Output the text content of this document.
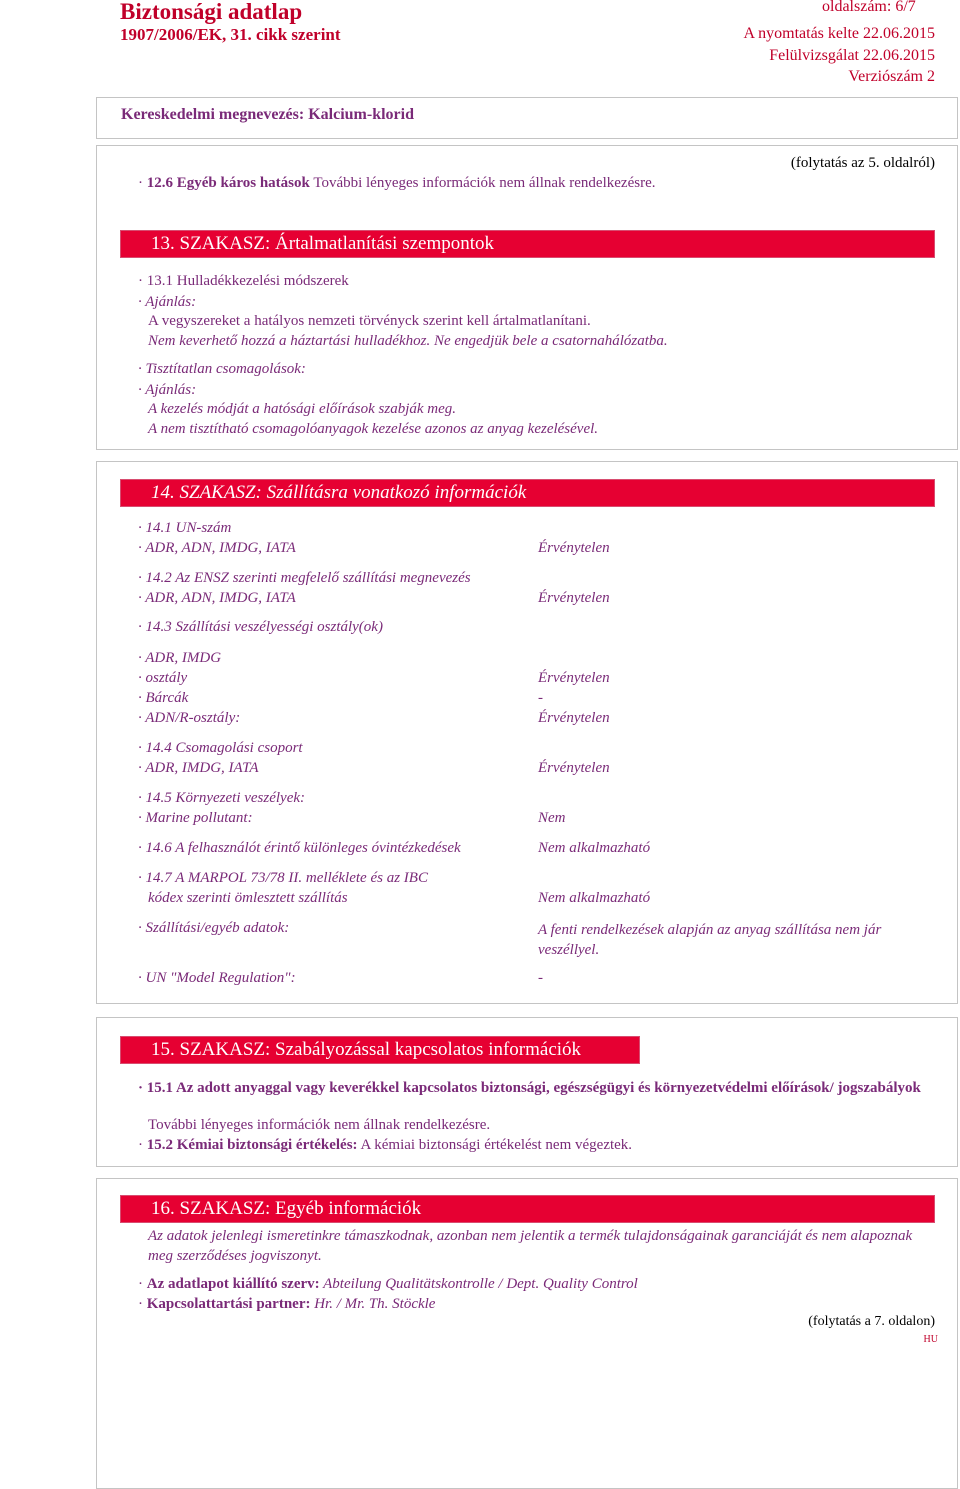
Biztonsági adatlap	oldalszám: 6/7
1907/2006/EK, 31. cikk szerint	A nyomtatás kelte 22.06.2015
Felülvizsgálat 22.06.2015
Verziószám 2
Kereskedelmi megnevezés: Kalcium-klorid
(folytatás az 5. oldalról)
· 12.6 Egyéb káros hatások További lényeges információk nem állnak rendelkezésre.
13. SZAKASZ: Ártalmatlanítási szempontok
· 13.1 Hulladékkezelési módszerek
· Ajánlás:
A vegyszereket a hatályos nemzeti törvényck szerint kell ártalmatlanítani.
Nem keverhető hozzá a háztartási hulladékhoz. Ne engedjük bele a csatornahálózatba.
· Tisztítatlan csomagolások:
· Ajánlás:
A kezelés módját a hatósági előírások szabják meg.
A nem tisztítható csomagolóanyagok kezelése azonos az anyag kezelésével.
14. SZAKASZ: Szállításra vonatkozó információk
· 14.1 UN-szám
· ADR, ADN, IMDG, IATA	Érvénytelen
· 14.2 Az ENSZ szerinti megfelelő szállítási megnevezés
· ADR, ADN, IMDG, IATA	Érvénytelen
· 14.3 Szállítási veszélyességi osztály(ok)
· ADR, IMDG
· osztály	Érvénytelen
· Bárcák	-
· ADN/R-osztály:	Érvénytelen
· 14.4 Csomagolási csoport
· ADR, IMDG, IATA	Érvénytelen
· 14.5 Környezeti veszélyek:
· Marine pollutant:	Nem
· 14.6 A felhasználót érintő különleges óvintézkedések	Nem alkalmazható
· 14.7 A MARPOL 73/78 II. melléklete és az IBC
kódex szerinti ömlesztett szállítás	Nem alkalmazható
· Szállítási/egyéb adatok:	A fenti rendelkezések alapján az anyag szállítása nem jár veszéllyel.
· UN "Model Regulation":	-
15. SZAKASZ: Szabályozással kapcsolatos információk
· 15.1 Az adott anyaggal vagy keverékkel kapcsolatos biztonsági, egészségügyi és környezetvédelmi előírások/ jogszabályok
További lényeges információk nem állnak rendelkezésre.
· 15.2 Kémiai biztonsági értékelés: A kémiai biztonsági értékelést nem végeztek.
16. SZAKASZ: Egyéb információk
Az adatok jelenlegi ismeretinkre támaszkodnak, azonban nem jelentik a termék tulajdonságainak garanciáját és nem alapoznak meg szerződéses jogviszonyt.
· Az adatlapot kiállító szerv: Abteilung Qualitätskontrolle / Dept. Quality Control
· Kapcsolattartási partner: Hr. / Mr. Th. Stöckle
(folytatás a 7. oldalon)
HU
